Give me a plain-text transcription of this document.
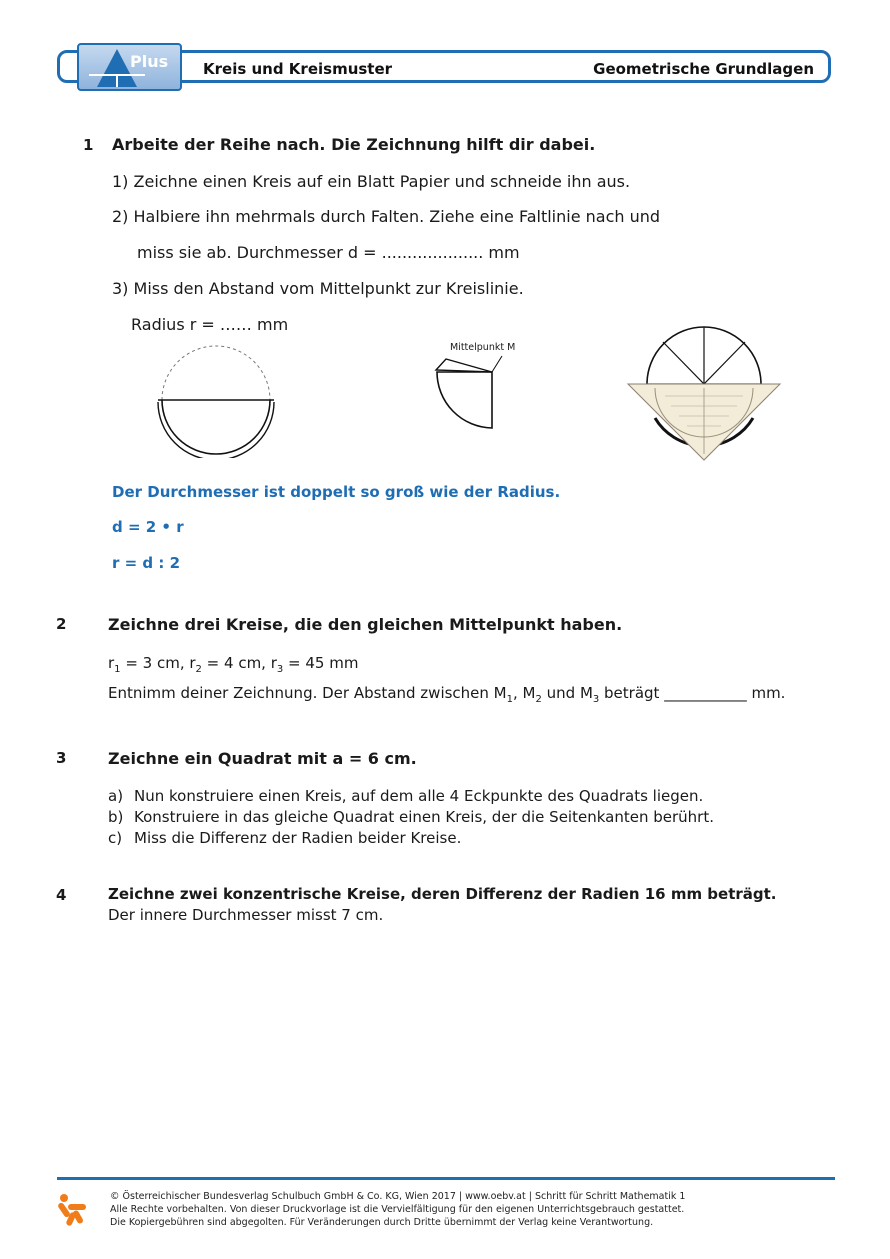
Plus Kreis und Kreismuster	Geometrische Grundlagen
1 Arbeite der Reihe nach. Die Zeichnung hilft dir dabei.
1) Zeichne einen Kreis auf ein Blatt Papier und schneide ihn aus.
2) Halbiere ihn mehrmals durch Falten. Ziehe eine Faltlinie nach und
miss sie ab. Durchmesser d = .................... mm
3) Miss den Abstand vom Mittelpunkt zur Kreislinie.
Radius r = …… mm
Mittelpunkt M
Der Durchmesser ist doppelt so groß wie der Radius.
d = 2 • r
r = d : 2
2	Zeichne drei Kreise, die den gleichen Mittelpunkt haben.
$r_1 = 3$ cm, $r_2 = 4$ cm, $r_3 = 45$ mm
Entnimm deiner Zeichnung. Der Abstand zwischen $M_1$, $M_2$ und $M_3$ beträgt ___________ mm.
3	Zeichne ein Quadrat mit a = 6 cm.
a) Nun konstruiere einen Kreis, auf dem alle 4 Eckpunkte des Quadrats liegen.
b) Konstruiere in das gleiche Quadrat einen Kreis, der die Seitenkanten berührt.
c) Miss die Differenz der Radien beider Kreise.
4	Zeichne zwei konzentrische Kreise, deren Differenz der Radien 16 mm beträgt.
Der innere Durchmesser misst 7 cm.
© Österreichischer Bundesverlag Schulbuch GmbH & Co. KG, Wien 2017 | www.oebv.at | Schritt für Schritt Mathematik 1
Alle Rechte vorbehalten. Von dieser Druckvorlage ist die Vervielfältigung für den eigenen Unterrichtsgebrauch gestattet.
Die Kopiergebühren sind abgegolten. Für Veränderungen durch Dritte übernimmt der Verlag keine Verantwortung.
